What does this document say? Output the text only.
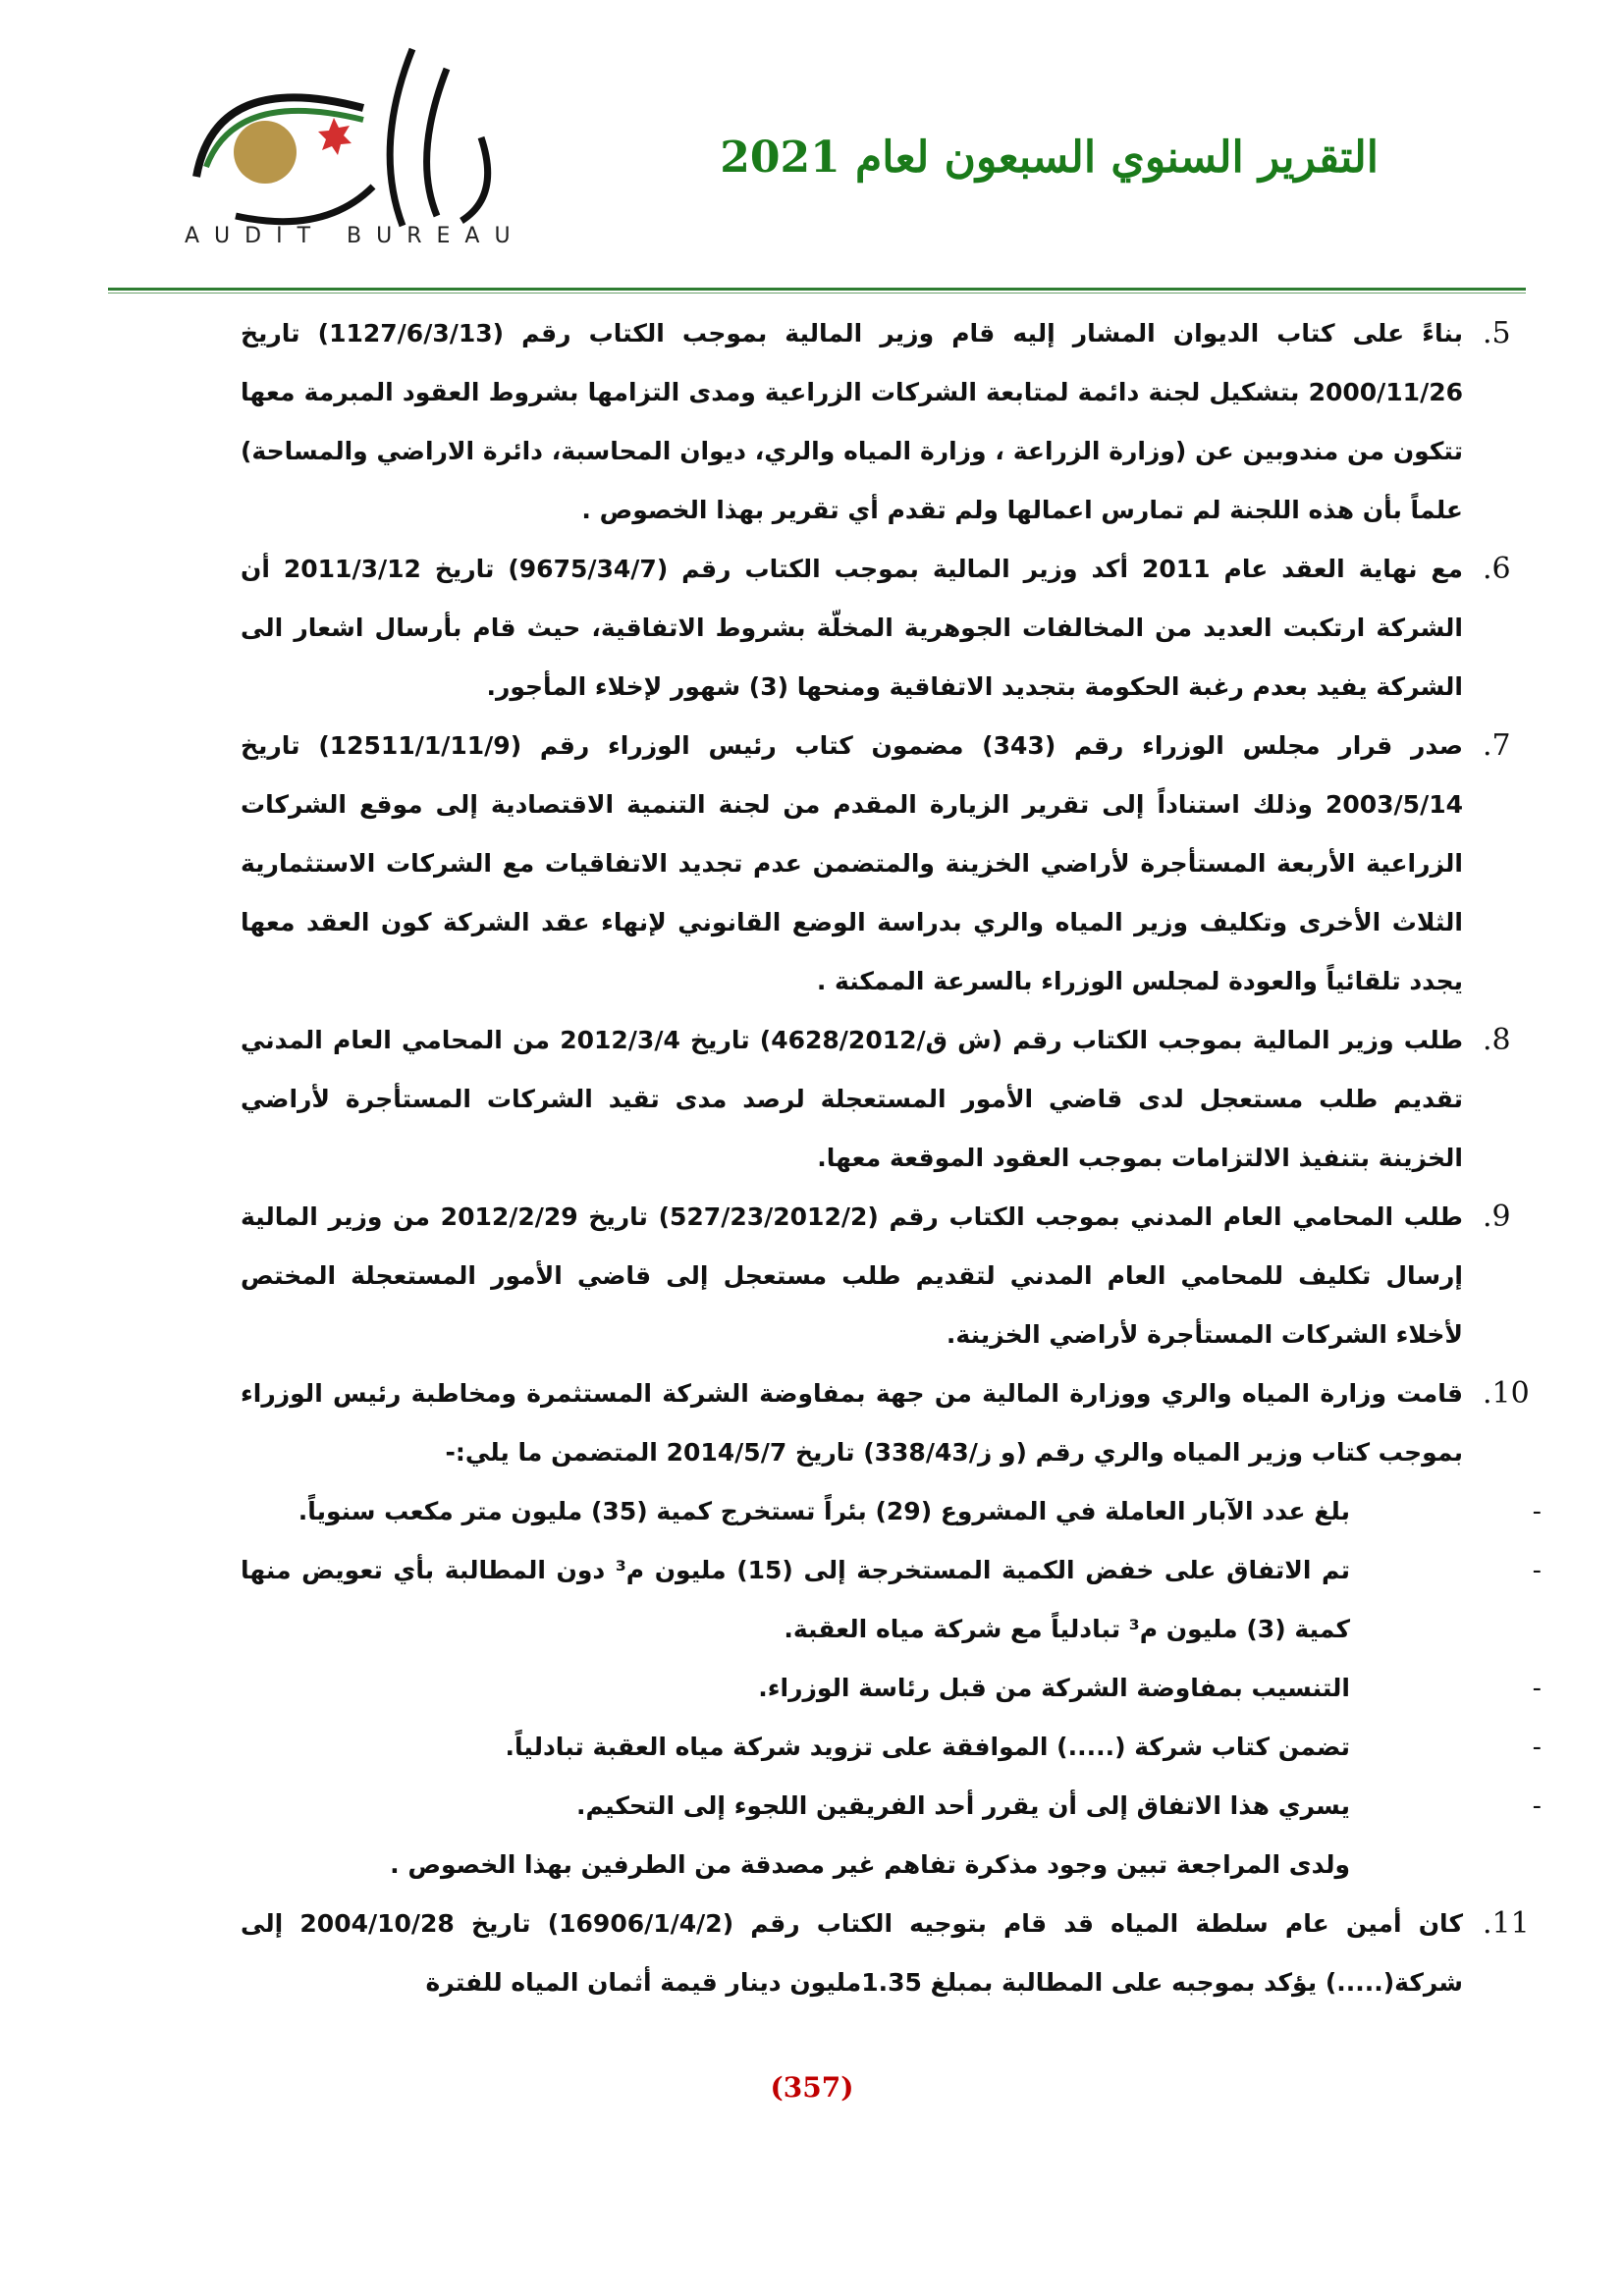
AUDIT BUREAU
التقرير السنوي السبعون لعام 2021
.5
بناءً على كتاب الديوان المشار إليه قام وزير المالية بموجب الكتاب رقم (1127/6/3/13) تاريخ 2000/11/26 بتشكيل لجنة دائمة لمتابعة الشركات الزراعية ومدى التزامها بشروط العقود المبرمة معها تتكون من مندوبين عن (وزارة الزراعة ، وزارة المياه والري، ديوان المحاسبة، دائرة الاراضي والمساحة) علماً بأن هذه اللجنة لم تمارس اعمالها ولم تقدم أي تقرير بهذا الخصوص .
.6
مع نهاية العقد عام 2011 أكد وزير المالية بموجب الكتاب رقم (9675/34/7) تاريخ 2011/3/12 أن الشركة ارتكبت العديد من المخالفات الجوهرية المخلّة بشروط الاتفاقية، حيث قام بأرسال اشعار الى الشركة يفيد بعدم رغبة الحكومة بتجديد الاتفاقية ومنحها (3) شهور لإخلاء المأجور.
.7
صدر قرار مجلس الوزراء رقم (343) مضمون كتاب رئيس الوزراء رقم (12511/1/11/9) تاريخ 2003/5/14 وذلك استناداً إلى تقرير الزيارة المقدم من لجنة التنمية الاقتصادية إلى موقع الشركات الزراعية الأربعة المستأجرة لأراضي الخزينة والمتضمن عدم تجديد الاتفاقيات مع الشركات الاستثمارية الثلاث الأخرى وتكليف وزير المياه والري بدراسة الوضع القانوني لإنهاء عقد الشركة كون العقد معها يجدد تلقائياً والعودة لمجلس الوزراء بالسرعة الممكنة .
.8
طلب وزير المالية بموجب الكتاب رقم (ش ق/4628/2012) تاريخ 2012/3/4 من المحامي العام المدني تقديم طلب مستعجل لدى قاضي الأمور المستعجلة لرصد مدى تقيد الشركات المستأجرة لأراضي الخزينة بتنفيذ الالتزامات بموجب العقود الموقعة معها.
.9
طلب المحامي العام المدني بموجب الكتاب رقم (527/23/2012/2) تاريخ 2012/2/29 من وزير المالية إرسال تكليف للمحامي العام المدني لتقديم طلب مستعجل إلى قاضي الأمور المستعجلة المختص لأخلاء الشركات المستأجرة لأراضي الخزينة.
.10
قامت وزارة المياه والري ووزارة المالية من جهة بمفاوضة الشركة المستثمرة ومخاطبة رئيس الوزراء بموجب كتاب وزير المياه والري رقم (و ز/338/43) تاريخ 2014/5/7 المتضمن ما يلي:-
-
بلغ عدد الآبار العاملة في المشروع (29) بئراً تستخرج كمية (35) مليون متر مكعب سنوياً.
-
تم الاتفاق على خفض الكمية المستخرجة إلى (15) مليون م³ دون المطالبة بأي تعويض منها كمية (3) مليون م³ تبادلياً مع شركة مياه العقبة.
-
التنسيب بمفاوضة الشركة من قبل رئاسة الوزراء.
-
تضمن كتاب شركة (.....) الموافقة على تزويد شركة مياه العقبة تبادلياً.
-
يسري هذا الاتفاق إلى أن يقرر أحد الفريقين اللجوء إلى التحكيم.
ولدى المراجعة تبين وجود مذكرة تفاهم غير مصدقة من الطرفين بهذا الخصوص .
.11
كان أمين عام سلطة المياه قد قام بتوجيه الكتاب رقم (16906/1/4/2) تاريخ 2004/10/28 إلى شركة(.....) يؤكد بموجبه على المطالبة بمبلغ 1.35مليون دينار قيمة أثمان المياه للفترة
(357)
